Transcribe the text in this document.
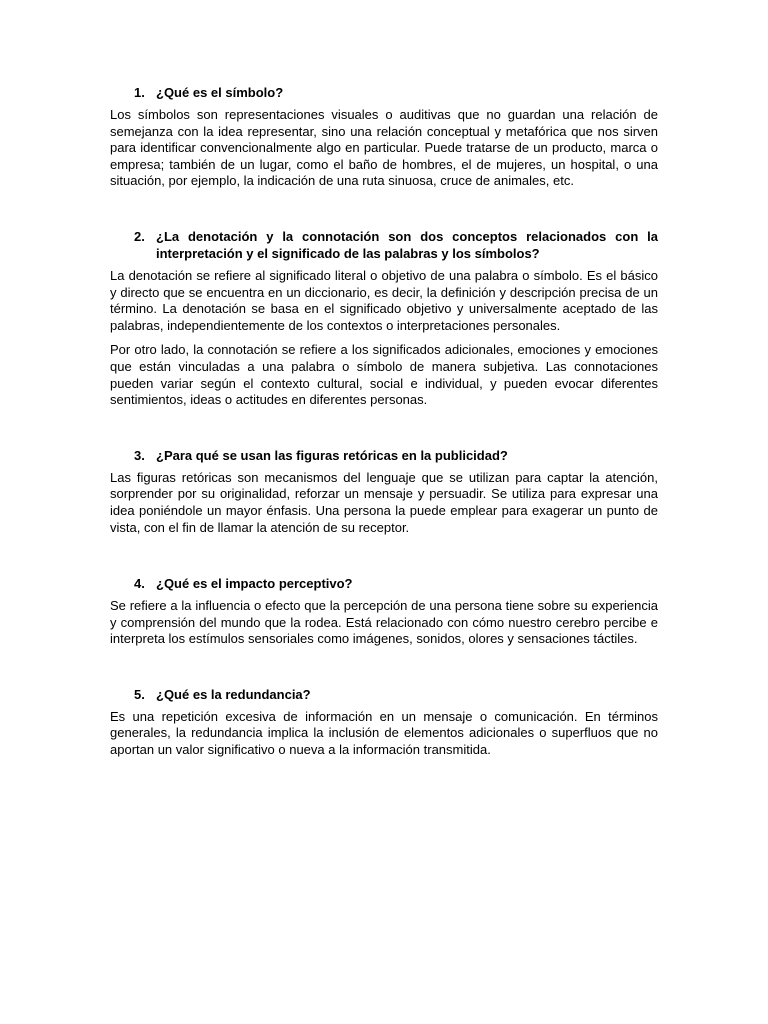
1. ¿Qué es el símbolo?

Los símbolos son representaciones visuales o auditivas que no guardan una relación de semejanza con la idea representar, sino una relación conceptual y metafórica que nos sirven para identificar convencionalmente algo en particular. Puede tratarse de un producto, marca o empresa; también de un lugar, como el baño de hombres, el de mujeres, un hospital, o una situación, por ejemplo, la indicación de una ruta sinuosa, cruce de animales, etc.

2. ¿La denotación y la connotación son dos conceptos relacionados con la interpretación y el significado de las palabras y los símbolos?

La denotación se refiere al significado literal o objetivo de una palabra o símbolo. Es el básico y directo que se encuentra en un diccionario, es decir, la definición y descripción precisa de un término. La denotación se basa en el significado objetivo y universalmente aceptado de las palabras, independientemente de los contextos o interpretaciones personales.

Por otro lado, la connotación se refiere a los significados adicionales, emociones y emociones que están vinculadas a una palabra o símbolo de manera subjetiva. Las connotaciones pueden variar según el contexto cultural, social e individual, y pueden evocar diferentes sentimientos, ideas o actitudes en diferentes personas.

3. ¿Para qué se usan las figuras retóricas en la publicidad?

Las figuras retóricas son mecanismos del lenguaje que se utilizan para captar la atención, sorprender por su originalidad, reforzar un mensaje y persuadir. Se utiliza para expresar una idea poniéndole un mayor énfasis. Una persona la puede emplear para exagerar un punto de vista, con el fin de llamar la atención de su receptor.

4. ¿Qué es el impacto perceptivo?

Se refiere a la influencia o efecto que la percepción de una persona tiene sobre su experiencia y comprensión del mundo que la rodea. Está relacionado con cómo nuestro cerebro percibe e interpreta los estímulos sensoriales como imágenes, sonidos, olores y sensaciones táctiles.

5. ¿Qué es la redundancia?

Es una repetición excesiva de información en un mensaje o comunicación. En términos generales, la redundancia implica la inclusión de elementos adicionales o superfluos que no aportan un valor significativo o nueva a la información transmitida.
